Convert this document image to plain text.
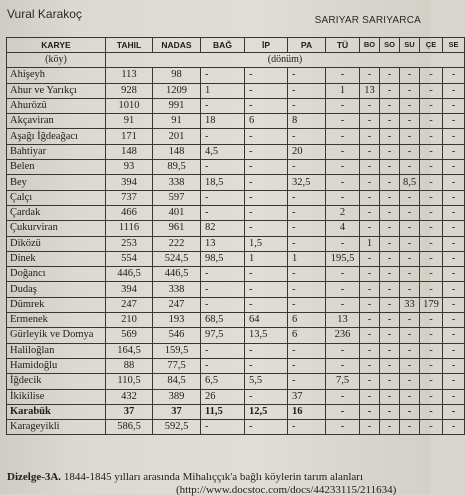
Vural Karakoç	SARIYAR SARIYARCA
KARYE	TAHIL	NADAS	BAĞ	İP	PA	TÜ	BO	SO	SU	ÇE	SE
(köy)	(dönüm)										
Ahişeyh	113	98	-	-	-	-	-	-	-	-	-
Ahur ve Yarıkçı	928	1209	1	-	-	1	13	-	-	-	-
Ahurözü	1010	991	-	-	-	-	-	-	-	-	-
Akçaviran	91	91	18	6	8	-	-	-	-	-	-
Aşağı İğdeağacı	171	201	-	-	-	-	-	-	-	-	-
Bahtiyar	148	148	4,5	-	20	-	-	-	-	-	-
Belen	93	89,5	-	-	-	-	-	-	-	-	-
Bey	394	338	18,5	-	32,5	-	-	-	8,5	-	-
Çalçı	737	597	-	-	-	-	-	-	-	-	-
Çardak	466	401	-	-	-	2	-	-	-	-	-
Çukurviran	1116	961	82	-	-	4	-	-	-	-	-
Diközü	253	222	13	1,5	-	-	1	-	-	-	-
Dinek	554	524,5	98,5	1	1	195,5	-	-	-	-	-
Doğancı	446,5	446,5	-	-	-	-	-	-	-	-	-
Dudaş	394	338	-	-	-	-	-	-	-	-	-
Dümrek	247	247	-	-	-	-	-	-	33	179	-
Ermenek	210	193	68,5	64	6	13	-	-	-	-	-
Gürleyik ve Domya	569	546	97,5	13,5	6	236	-	-	-	-	-
Haliloğlan	164,5	159,5	-	-	-	-	-	-	-	-	-
Hamidoğlu	88	77,5	-	-	-	-	-	-	-	-	-
İğdecik	110,5	84,5	6,5	5,5	-	7,5	-	-	-	-	-
İkikilise	432	389	26	-	37	-	-	-	-	-	-
Karabük	37	37	11,5	12,5	16	-	-	-	-	-	-
Karageyikli	586,5	592,5	-	-	-	-	-	-	-	-	-
Dizelge-3A. 1844-1845 yılları arasında Mihalıççık'a bağlı köylerin tarım alanları
(http://www.docstoc.com/docs/44233115/211634)
